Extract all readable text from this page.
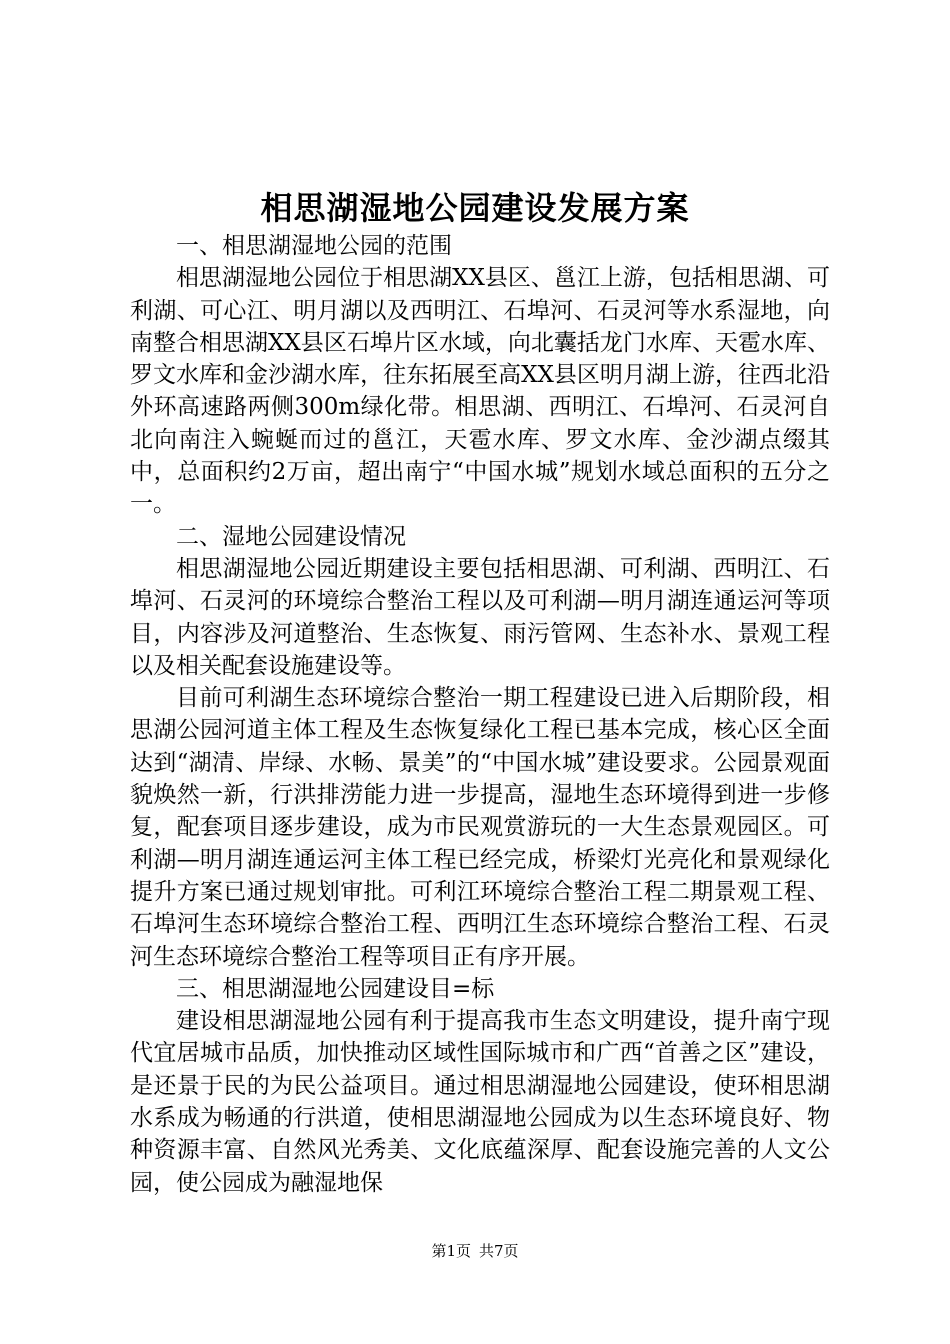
相思湖湿地公园建设发展方案

一、相思湖湿地公园的范围

相思湖湿地公园位于相思湖XX县区、邕江上游，包括相思湖、可利湖、可心江、明月湖以及西明江、石埠河、石灵河等水系湿地，向南整合相思湖XX县区石埠片区水域，向北囊括龙门水库、天雹水库、罗文水库和金沙湖水库，往东拓展至高XX县区明月湖上游，往西北沿外环高速路两侧300m绿化带。相思湖、西明江、石埠河、石灵河自北向南注入蜿蜒而过的邕江，天雹水库、罗文水库、金沙湖点缀其中，总面积约2万亩，超出南宁“中国水城”规划水域总面积的五分之一。

二、湿地公园建设情况

相思湖湿地公园近期建设主要包括相思湖、可利湖、西明江、石埠河、石灵河的环境综合整治工程以及可利湖—明月湖连通运河等项目，内容涉及河道整治、生态恢复、雨污管网、生态补水、景观工程以及相关配套设施建设等。

目前可利湖生态环境综合整治一期工程建设已进入后期阶段，相思湖公园河道主体工程及生态恢复绿化工程已基本完成，核心区全面达到“湖清、岸绿、水畅、景美”的“中国水城”建设要求。公园景观面貌焕然一新，行洪排涝能力进一步提高，湿地生态环境得到进一步修复，配套项目逐步建设，成为市民观赏游玩的一大生态景观园区。可利湖—明月湖连通运河主体工程已经完成，桥梁灯光亮化和景观绿化提升方案已通过规划审批。可利江环境综合整治工程二期景观工程、石埠河生态环境综合整治工程、西明江生态环境综合整治工程、石灵河生态环境综合整治工程等项目正有序开展。

三、相思湖湿地公园建设目=标

建设相思湖湿地公园有利于提高我市生态文明建设，提升南宁现代宜居城市品质，加快推动区域性国际城市和广西“首善之区”建设，是还景于民的为民公益项目。通过相思湖湿地公园建设，使环相思湖水系成为畅通的行洪道，使相思湖湿地公园成为以生态环境良好、物种资源丰富、自然风光秀美、文化底蕴深厚、配套设施完善的人文公园，使公园成为融湿地保

第1页 共7页
